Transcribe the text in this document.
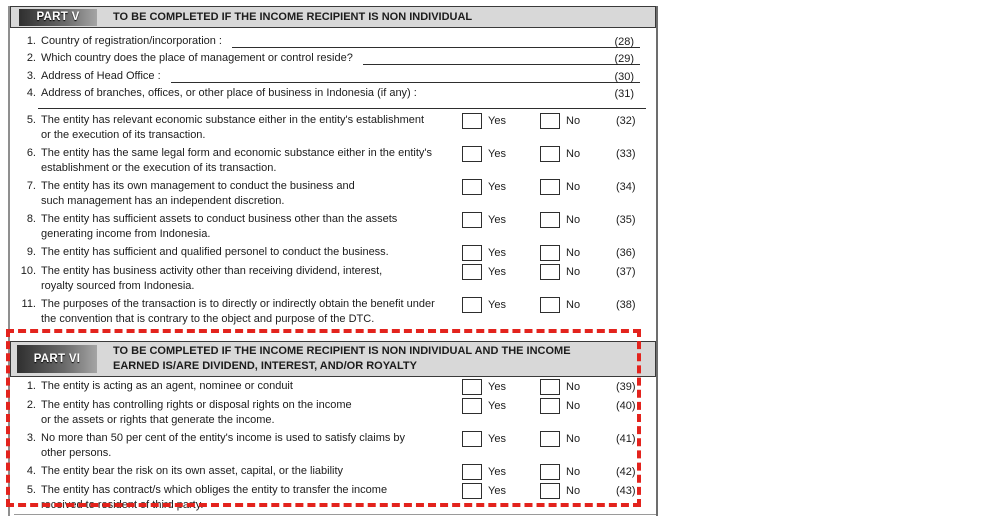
PART V	TO BE COMPLETED IF THE INCOME RECIPIENT IS NON INDIVIDUAL
1. Country of registration/incorporation :	(28)
2. Which country does the place of management or control reside?	(29)
3. Address of Head Office :	(30)
4. Address of branches, offices, or other place of business in Indonesia (if any) :	(31)
5. The entity has relevant economic substance either in the entity's establishment
or the execution of its transaction.
Yes	No	(32)
6. The entity has the same legal form and economic substance either in the entity's
establishment or the execution of its transaction.
Yes	No	(33)
7. The entity has its own management to conduct the business and
such management has an independent discretion.
Yes	No	(34)
8. The entity has sufficient assets to conduct business other than the assets
generating income from Indonesia.
Yes	No	(35)
9. The entity has sufficient and qualified personel to conduct the business.	Yes	No	(36)
10. The entity has business activity other than receiving dividend, interest,
royalty sourced from Indonesia.
Yes	No	(37)
11. The purposes of the transaction is to directly or indirectly obtain the benefit under
the convention that is contrary to the object and purpose of the DTC.
Yes	No	(38)
PART VI
TO BE COMPLETED IF THE INCOME RECIPIENT IS NON INDIVIDUAL AND THE INCOME
EARNED IS/ARE DIVIDEND, INTEREST, AND/OR ROYALTY
1. The entity is acting as an agent, nominee or conduit	Yes	No	(39)
2. The entity has controlling rights or disposal rights on the income
or the assets or rights that generate the income.
Yes	No	(40)
3. No more than 50 per cent of the entity's income is used to satisfy claims by
other persons.
Yes	No	(41)
4. The entity bear the risk on its own asset, capital, or the liability	Yes	No	(42)
5. The entity has contract/s which obliges the entity to transfer the income
received to resident of third party.
Yes	No	(43)
